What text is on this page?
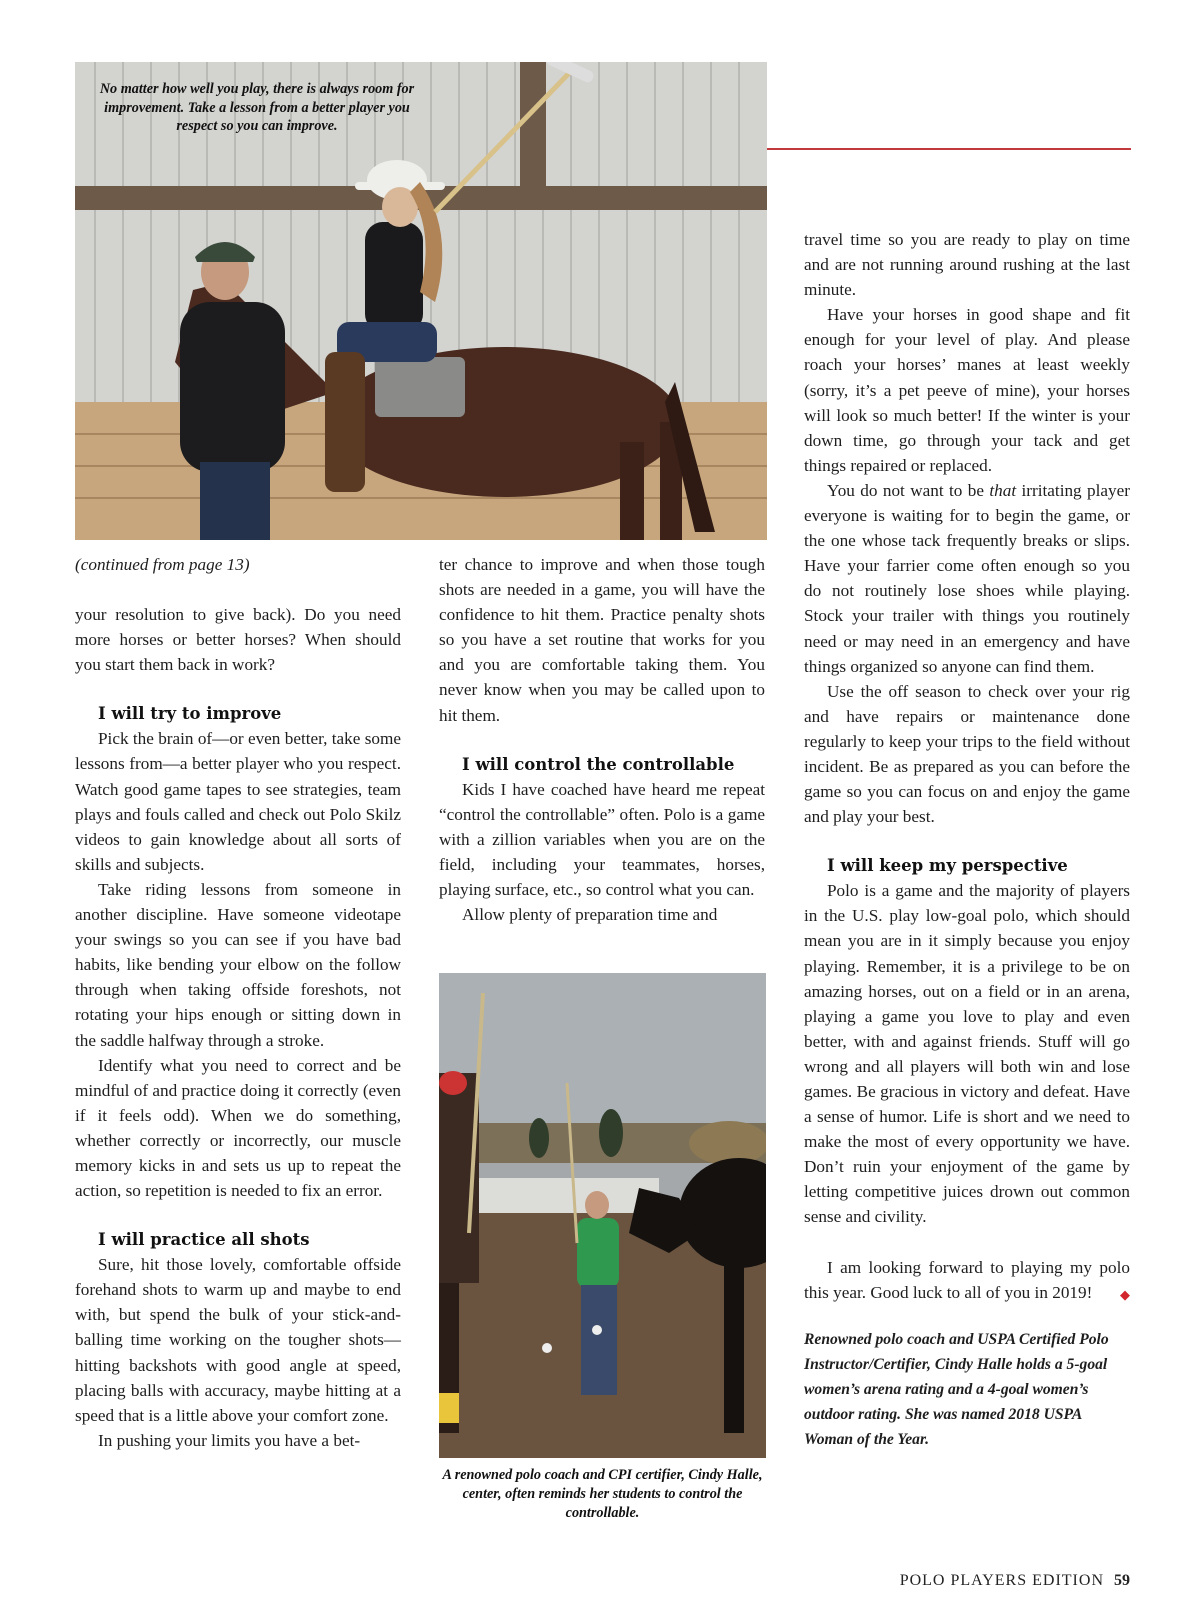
No matter how well you play, there is always room for improvement. Take a lesson from a better player you respect so you can improve.

(continued from page 13)

your resolution to give back). Do you need more horses or better horses? When should you start them back in work?

I will try to improve

Pick the brain of—or even better, take some lessons from—a better player who you respect. Watch good game tapes to see strategies, team plays and fouls called and check out Polo Skilz videos to gain knowledge about all sorts of skills and subjects.

Take riding lessons from someone in another discipline. Have someone videotape your swings so you can see if you have bad habits, like bending your elbow on the follow through when taking offside foreshots, not rotating your hips enough or sitting down in the saddle halfway through a stroke.

Identify what you need to correct and be mindful of and practice doing it correctly (even if it feels odd). When we do something, whether correctly or incorrectly, our muscle memory kicks in and sets us up to repeat the action, so repetition is needed to fix an error.

I will practice all shots

Sure, hit those lovely, comfortable offside forehand shots to warm up and maybe to end with, but spend the bulk of your stick-and-balling time working on the tougher shots—hitting backshots with good angle at speed, placing balls with accuracy, maybe hitting at a speed that is a little above your comfort zone.

In pushing your limits you have a bet-

ter chance to improve and when those tough shots are needed in a game, you will have the confidence to hit them. Practice penalty shots so you have a set routine that works for you and you are comfortable taking them. You never know when you may be called upon to hit them.

I will control the controllable

Kids I have coached have heard me repeat “control the controllable” often. Polo is a game with a zillion variables when you are on the field, including your teammates, horses, playing surface, etc., so control what you can.

Allow plenty of preparation time and

A renowned polo coach and CPI certifier, Cindy Halle, center, often reminds her students to control the controllable.

travel time so you are ready to play on time and are not running around rushing at the last minute.

Have your horses in good shape and fit enough for your level of play. And please roach your horses’ manes at least weekly (sorry, it’s a pet peeve of mine), your horses will look so much better! If the winter is your down time, go through your tack and get things repaired or replaced.

You do not want to be that irritating player everyone is waiting for to begin the game, or the one whose tack frequently breaks or slips. Have your farrier come often enough so you do not routinely lose shoes while playing. Stock your trailer with things you routinely need or may need in an emergency and have things organized so anyone can find them.

Use the off season to check over your rig and have repairs or maintenance done regularly to keep your trips to the field without incident. Be as prepared as you can before the game so you can focus on and enjoy the game and play your best.

I will keep my perspective

Polo is a game and the majority of players in the U.S. play low-goal polo, which should mean you are in it simply because you enjoy playing. Remember, it is a privilege to be on amazing horses, out on a field or in an arena, playing a game you love to play and even better, with and against friends. Stuff will go wrong and all players will both win and lose games. Be gracious in victory and defeat. Have a sense of humor. Life is short and we need to make the most of every opportunity we have. Don’t ruin your enjoyment of the game by letting competitive juices drown out common sense and civility.

I am looking forward to playing my polo this year. Good luck to all of you in 2019!	◆

Renowned polo coach and USPA Certified Polo Instructor/Certifier, Cindy Halle holds a 5-goal women’s arena rating and a 4-goal women’s outdoor rating. She was named 2018 USPA Woman of the Year.

POLO PLAYERS EDITION 59
